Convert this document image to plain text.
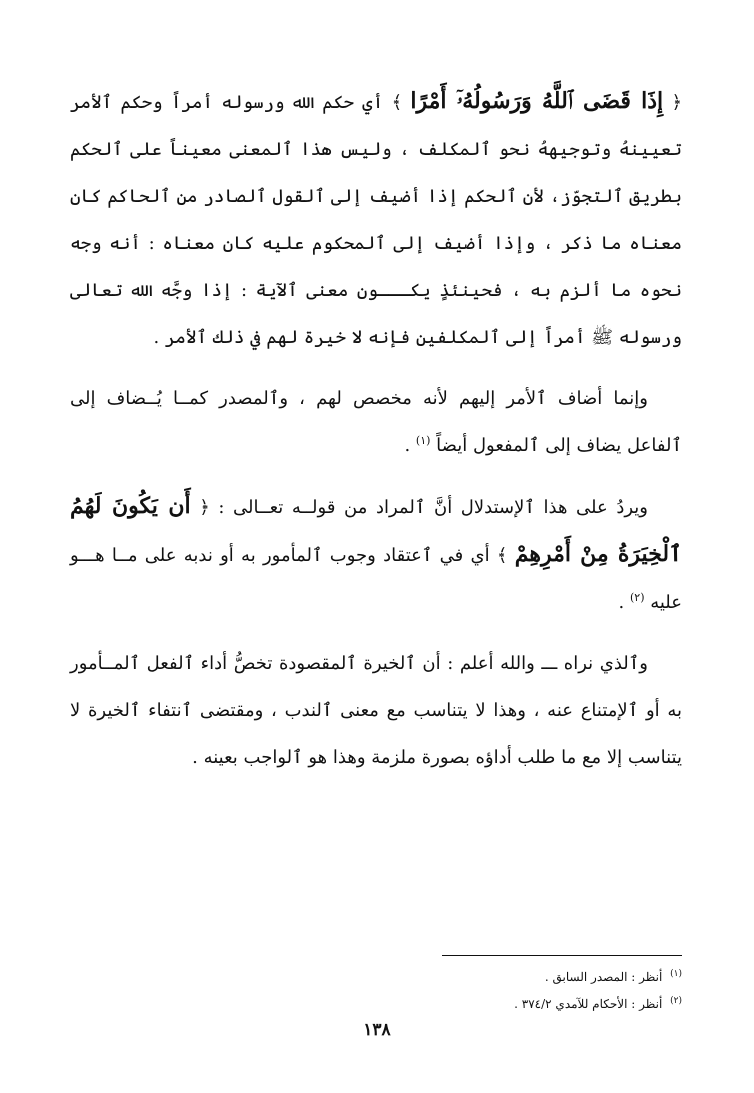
﴿ إِذَا قَضَى ٱللَّهُ وَرَسُولُهُۥٓ أَمْرًا ﴾ أي حكم الله ورسوله أمراً وحكم ٱلأمر تعيينهُ وتوجيههُ نحو ٱلمكلف ، وليس هذا ٱلمعنى معيناً على ٱلحكم بطريق ٱلتجوّز، لأن ٱلحكم إذا أضيف إلى ٱلقول ٱلصادر من ٱلحاكم كان معناه ما ذكر ، وإذا أضيف إلى ٱلمحكوم عليه كان معناه : أنه وجه نحوه ما ألزم به ، فحينئذٍ يكـــون معنى ٱلآية : إذا وجَّه الله تعالى ورسوله ﷺ أمراً إلى ٱلمكلفين فإنه لا خيرة لهم في ذلك ٱلأمر .

وإنما أضاف ٱلأمر إليهم لأنه مخصص لهم ، وٱلمصدر كمــا يُــضاف إلى ٱلفاعل يضاف إلى ٱلمفعول أيضاً $^{(١)}$ .

ويردُ على هذا ٱلإستدلال أنَّ ٱلمراد من قولــه تعــالى : ﴿ أَن يَكُونَ لَهُمُ ٱلْخِيَرَةُ مِنْ أَمْرِهِمْ ﴾ أي في ٱعتقاد وجوب ٱلمأمور به أو ندبه على مــا هـــو عليه $^{(٢)}$ .

وٱلذي نراه ـــ والله أعلم : أن ٱلخيرة ٱلمقصودة تخصُّ أداء ٱلفعل ٱلمــأمور به أو ٱلإمتناع عنه ، وهذا لا يتناسب مع معنى ٱلندب ، ومقتضى ٱنتفاء ٱلخيرة لا يتناسب إلا مع ما طلب أداؤه بصورة ملزمة وهذا هو ٱلواجب بعينه .

$^{(١)}$ أنظر : المصدر السابق .

$^{(٢)}$ أنظر : الأحكام للآمدي ٣٧٤/٢ .

١٣٨
